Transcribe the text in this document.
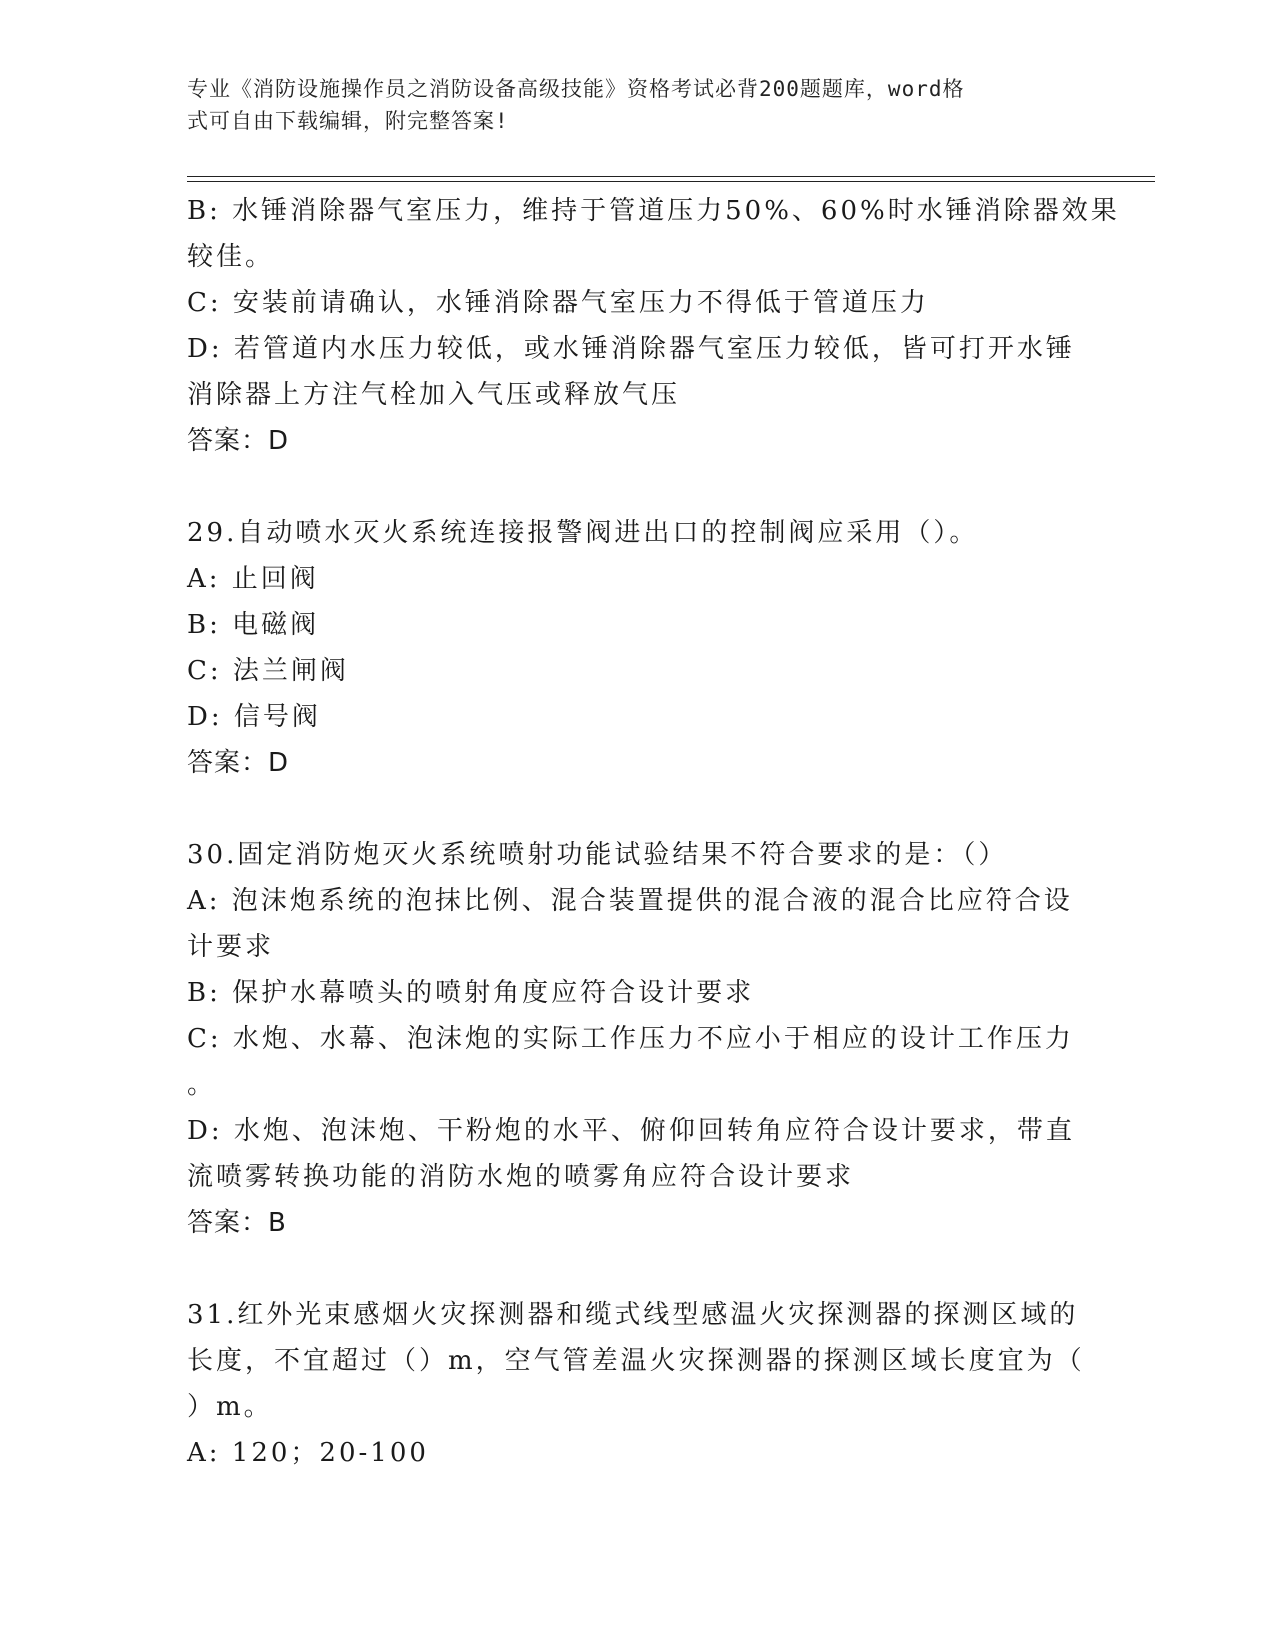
专业《消防设施操作员之消防设备高级技能》资格考试必背200题题库，word格
式可自由下载编辑，附完整答案!
B: 水锤消除器气室压力，维持于管道压力50%、60%时水锤消除器效果
较佳。
C: 安装前请确认，水锤消除器气室压力不得低于管道压力
D: 若管道内水压力较低，或水锤消除器气室压力较低，皆可打开水锤
消除器上方注气栓加入气压或释放气压
答案：D
29.自动喷水灭火系统连接报警阀进出口的控制阀应采用（）。
A: 止回阀
B: 电磁阀
C: 法兰闸阀
D: 信号阀
答案：D
30.固定消防炮灭火系统喷射功能试验结果不符合要求的是：（）
A: 泡沫炮系统的泡抹比例、混合装置提供的混合液的混合比应符合设
计要求
B: 保护水幕喷头的喷射角度应符合设计要求
C: 水炮、水幕、泡沫炮的实际工作压力不应小于相应的设计工作压力
。
D: 水炮、泡沫炮、干粉炮的水平、俯仰回转角应符合设计要求，带直
流喷雾转换功能的消防水炮的喷雾角应符合设计要求
答案：B
31.红外光束感烟火灾探测器和缆式线型感温火灾探测器的探测区域的
长度，不宜超过（）m，空气管差温火灾探测器的探测区域长度宜为（
）m。
A: 120；20-100
